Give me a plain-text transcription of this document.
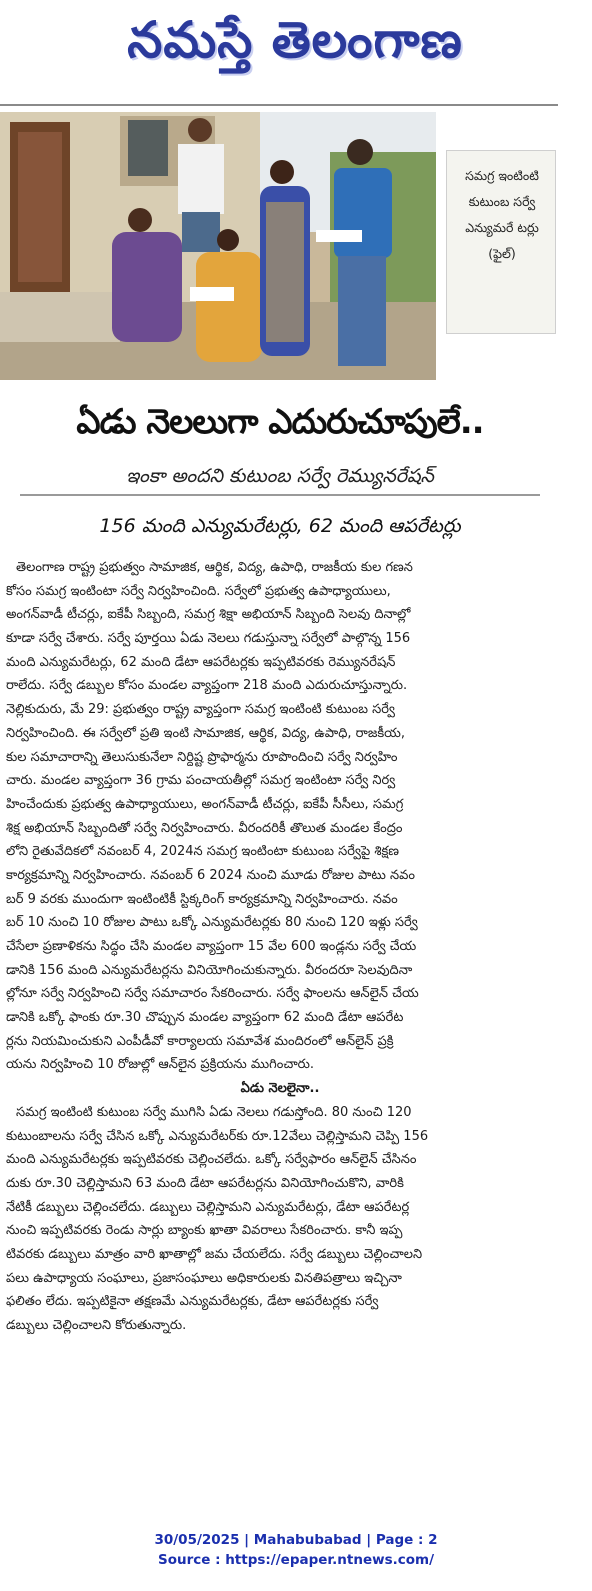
నమస్తే తెలంగాణ
సమగ్ర ఇంటింటి కుటుంబ సర్వే ఎన్యుమరే టర్లు (ఫైల్)
ఏడు నెలలుగా ఎదురుచూపులే..
ఇంకా అందని కుటుంబ సర్వే రెమ్యునరేషన్
156 మంది ఎన్యుమరేటర్లు, 62 మంది ఆపరేటర్లు
తెలంగాణ రాష్ట్ర ప్రభుత్వం సామాజిక, ఆర్థిక, విద్య, ఉపాధి, రాజకీయ కుల గణన
కోసం సమగ్ర ఇంటింటా సర్వే నిర్వహించింది. సర్వేలో ప్రభుత్వ ఉపాధ్యాయులు,
అంగన్‌వాడీ టీచర్లు, ఐకేపీ సిబ్బంది, సమగ్ర శిక్షా అభియాన్ సిబ్బంది సెలవు దినాల్లో
కూడా సర్వే చేశారు. సర్వే పూర్తయి ఏడు నెలలు గడుస్తున్నా సర్వేలో పాల్గొన్న 156
మంది ఎన్యుమరేటర్లు, 62 మంది డేటా ఆపరేటర్లకు ఇప్పటివరకు రెమ్యునరేషన్
రాలేదు. సర్వే డబ్బుల కోసం మండల వ్యాప్తంగా 218 మంది ఎదురుచూస్తున్నారు.
నెల్లికుదురు, మే 29: ప్రభుత్వం రాష్ట్ర వ్యాప్తంగా సమగ్ర ఇంటింటి కుటుంబ సర్వే
నిర్వహించింది. ఈ సర్వేలో ప్రతి ఇంటి సామాజిక, ఆర్థిక, విద్య, ఉపాధి, రాజకీయ,
కుల సమాచారాన్ని తెలుసుకునేలా నిర్దిష్ట ప్రొఫార్మను రూపొందించి సర్వే నిర్వహిం
చారు. మండల వ్యాప్తంగా 36 గ్రామ పంచాయతీల్లో సమగ్ర ఇంటింటా సర్వే నిర్వ
హించేందుకు ప్రభుత్వ ఉపాధ్యాయులు, అంగన్‌వాడీ టీచర్లు, ఐకేపీ సీసీలు, సమగ్ర
శిక్ష అభియాన్ సిబ్బందితో సర్వే నిర్వహించారు. వీరందరికీ తొలుత మండల కేంద్రం
లోని రైతువేదికలో నవంబర్ 4, 2024న సమగ్ర ఇంటింటా కుటుంబ సర్వేపై శిక్షణ
కార్యక్రమాన్ని నిర్వహించారు. నవంబర్ 6 2024 నుంచి మూడు రోజుల పాటు నవం
బర్ 9 వరకు ముందుగా ఇంటింటికీ స్టిక్కరింగ్ కార్యక్రమాన్ని నిర్వహించారు. నవం
బర్ 10 నుంచి 10 రోజుల పాటు ఒక్కో ఎన్యుమరేటర్లకు 80 నుంచి 120 ఇళ్లు సర్వే
చేసేలా ప్రణాళికను సిద్ధం చేసి మండల వ్యాప్తంగా 15 వేల 600 ఇండ్లను సర్వే చేయ
డానికి 156 మంది ఎన్యుమరేటర్లను వినియోగించుకున్నారు. వీరందరూ సెలవుదినా
ల్లోనూ సర్వే నిర్వహించి సర్వే సమాచారం సేకరించారు. సర్వే ఫాంలను ఆన్‌లైన్ చేయ
డానికి ఒక్కో ఫాంకు రూ.30 చొప్పున మండల వ్యాప్తంగా 62 మంది డేటా ఆపరేట
ర్లను నియమించుకుని ఎంపీడీవో కార్యాలయ సమావేశ మందిరంలో ఆన్‌లైన్ ప్రక్రి
యను నిర్వహించి 10 రోజుల్లో ఆన్‌లైన ప్రక్రియను ముగించారు.
ఏడు నెలలైనా..
సమగ్ర ఇంటింటి కుటుంబ సర్వే ముగిసి ఏడు నెలలు గడుస్తోంది. 80 నుంచి 120
కుటుంబాలను సర్వే చేసిన ఒక్కో ఎన్యుమరేటర్‌కు రూ.12వేలు చెల్లిస్తామని చెప్పి 156
మంది ఎన్యుమరేటర్లకు ఇప్పటివరకు చెల్లించలేదు. ఒక్కో సర్వేఫారం ఆన్‌లైన్ చేసినం
దుకు రూ.30 చెల్లిస్తామని 63 మంది డేటా ఆపరేటర్లను వినియోగించుకొని, వారికి
నేటికీ డబ్బులు చెల్లించలేదు. డబ్బులు చెల్లిస్తామని ఎన్యుమరేటర్లు, డేటా ఆపరేటర్ల
నుంచి ఇప్పటివరకు రెండు సార్లు బ్యాంకు ఖాతా వివరాలు సేకరించారు. కానీ ఇప్ప
టివరకు డబ్బులు మాత్రం వారి ఖాతాల్లో జమ చేయలేదు. సర్వే డబ్బులు చెల్లించాలని
పలు ఉపాధ్యాయ సంఘాలు, ప్రజాసంఘాలు అధికారులకు వినతిపత్రాలు ఇచ్చినా
ఫలితం లేదు. ఇప్పటికైనా తక్షణమే ఎన్యుమరేటర్లకు, డేటా ఆపరేటర్లకు సర్వే
డబ్బులు చెల్లించాలని కోరుతున్నారు.
30/05/2025 | Mahabubabad | Page : 2
Source : https://epaper.ntnews.com/
